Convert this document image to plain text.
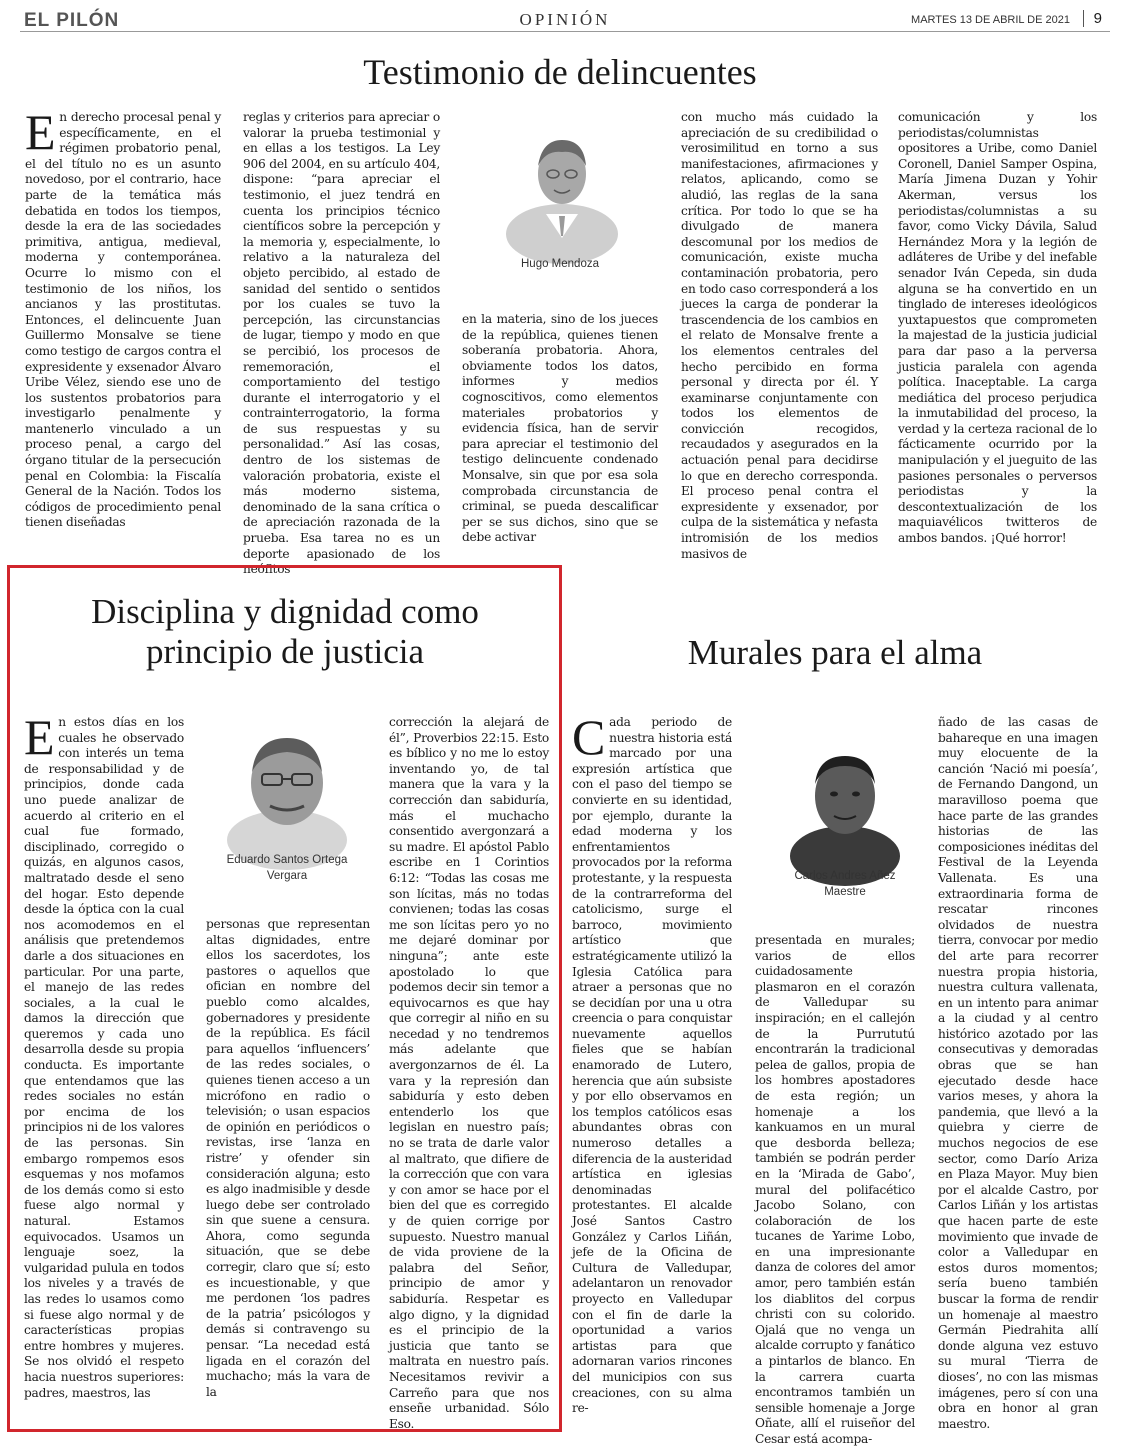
EL PILÓN	OPINIÓN	MARTES 13 DE ABRIL DE 2021	9
Testimonio de delincuentes
E n derecho procesal penal y específicamente, en el régimen probatorio penal, el del título no es un asunto novedoso, por el contrario, hace parte de la temática más debatida en todos los tiempos, desde la era de las sociedades primitiva, antigua, medieval, moderna y contemporánea. Ocurre lo mismo con el testimonio de los niños, los ancianos y las prostitutas. Entonces, el delincuente Juan Guillermo Monsalve se tiene como testigo de cargos contra el expresidente y exsenador Álvaro Uribe Vélez, siendo ese uno de los sustentos probatorios para investigarlo penalmente y mantenerlo vinculado a un proceso penal, a cargo del órgano titular de la persecución penal en Colombia: la Fiscalía General de la Nación. Todos los códigos de procedimiento penal tienen diseñadas
reglas y criterios para apreciar o valorar la prueba testimonial y en ellas a los testigos. La Ley 906 del 2004, en su artículo 404, dispone: “para apreciar el testimonio, el juez tendrá en cuenta los principios técnico científicos sobre la percepción y la memoria y, especialmente, lo relativo a la naturaleza del objeto percibido, al estado de sanidad del sentido o sentidos por los cuales se tuvo la percepción, las circunstancias de lugar, tiempo y modo en que se percibió, los procesos de rememoración, el comportamiento del testigo durante el interrogatorio y el contrainterrogatorio, la forma de sus respuestas y su personalidad.” Así las cosas, dentro de los sistemas de valoración probatoria, existe el más moderno sistema, denominado de la sana crítica o de apreciación razonada de la prueba. Esa tarea no es un deporte apasionado de los neófitos
Hugo Mendoza
en la materia, sino de los jueces de la república, quienes tienen soberanía probatoria. Ahora, obviamente todos los datos, informes y medios cognoscitivos, como elementos materiales probatorios y evidencia física, han de servir para apreciar el testimonio del testigo delincuente condenado Monsalve, sin que por esa sola comprobada circunstancia de criminal, se pueda descalificar per se sus dichos, sino que se debe activar
con mucho más cuidado la apreciación de su credibilidad o verosimilitud en torno a sus manifestaciones, afirmaciones y relatos, aplicando, como se aludió, las reglas de la sana crítica. Por todo lo que se ha divulgado de manera descomunal por los medios de comunicación, existe mucha contaminación probatoria, pero en todo caso corresponderá a los jueces la carga de ponderar la trascendencia de los cambios en el relato de Monsalve frente a los elementos centrales del hecho percibido en forma personal y directa por él. Y examinarse conjuntamente con todos los elementos de convicción recogidos, recaudados y asegurados en la actuación penal para decidirse lo que en derecho corresponda. El proceso penal contra el expresidente y exsenador, por culpa de la sistemática y nefasta intromisión de los medios masivos de
comunicación y los periodistas/columnistas opositores a Uribe, como Daniel Coronell, Daniel Samper Ospina, María Jimena Duzan y Yohir Akerman, versus los periodistas/columnistas a su favor, como Vicky Dávila, Salud Hernández Mora y la legión de adláteres de Uribe y del inefable senador Iván Cepeda, sin duda alguna se ha convertido en un tinglado de intereses ideológicos yuxtapuestos que comprometen la majestad de la justicia judicial para dar paso a la perversa justicia paralela con agenda política. Inaceptable. La carga mediática del proceso perjudica la inmutabilidad del proceso, la verdad y la certeza racional de lo fácticamente ocurrido por la manipulación y el jueguito de las pasiones personales o perversos periodistas y la descontextualización de los maquiavélicos twitteros de ambos bandos. ¡Qué horror!
Disciplina y dignidad como
principio de justicia
E n estos días en los cuales he observado con interés un tema de responsabilidad y de principios, donde cada uno puede analizar de acuerdo al criterio en el cual fue formado, disciplinado, corregido o quizás, en algunos casos, maltratado desde el seno del hogar. Esto depende desde la óptica con la cual nos acomodemos en el análisis que pretendemos darle a dos situaciones en particular. Por una parte, el manejo de las redes sociales, a la cual le damos la dirección que queremos y cada uno desarrolla desde su propia conducta. Es importante que entendamos que las redes sociales no están por encima de los principios ni de los valores de las personas. Sin embargo rompemos esos esquemas y nos mofamos de los demás como si esto fuese algo normal y natural. Estamos equivocados. Usamos un lenguaje soez, la vulgaridad pulula en todos los niveles y a través de las redes lo usamos como si fuese algo normal y de características propias entre hombres y mujeres. Se nos olvidó el respeto hacia nuestros superiores: padres, maestros, las
Eduardo Santos Ortega
Vergara
personas que representan altas dignidades, entre ellos los sacerdotes, los pastores o aquellos que ofician en nombre del pueblo como alcaldes, gobernadores y presidente de la república. Es fácil para aquellos ‘influencers’ de las redes sociales, o quienes tienen acceso a un micrófono en radio o televisión; o usan espacios de opinión en periódicos o revistas, irse ‘lanza en ristre’ y ofender sin consideración alguna; esto es algo inadmisible y desde luego debe ser controlado sin que suene a censura. Ahora, como segunda situación, que se debe corregir, claro que sí; esto es incuestionable, y que me perdonen ‘los padres de la patria’ psicólogos y demás si contravengo su pensar. “La necedad está ligada en el corazón del muchacho; más la vara de la
corrección la alejará de él”, Proverbios 22:15. Esto es bíblico y no me lo estoy inventando yo, de tal manera que la vara y la corrección dan sabiduría, más el muchacho consentido avergonzará a su madre. El apóstol Pablo escribe en 1 Corintios 6:12: “Todas las cosas me son lícitas, más no todas convienen; todas las cosas me son lícitas pero yo no me dejaré dominar por ninguna”; ante este apostolado lo que podemos decir sin temor a equivocarnos es que hay que corregir al niño en su necedad y no tendremos más adelante que avergonzarnos de él. La vara y la represión dan sabiduría y esto deben entenderlo los que legislan en nuestro país; no se trata de darle valor al maltrato, que difiere de la corrección que con vara y con amor se hace por el bien del que es corregido y de quien corrige por supuesto. Nuestro manual de vida proviene de la palabra del Señor, principio de amor y sabiduría. Respetar es algo digno, y la dignidad es el principio de la justicia que tanto se maltrata en nuestro país. Necesitamos revivir a Carreño para que nos enseñe urbanidad. Sólo Eso.
Murales para el alma
C ada periodo de nuestra historia está marcado por una expresión artística que con el paso del tiempo se convierte en su identidad, por ejemplo, durante la edad moderna y los enfrentamientos provocados por la reforma protestante, y la respuesta de la contrarreforma del catolicismo, surge el barroco, movimiento artístico que estratégicamente utilizó la Iglesia Católica para atraer a personas que no se decidían por una u otra creencia o para conquistar nuevamente aquellos fieles que se habían enamorado de Lutero, herencia que aún subsiste y por ello observamos en los templos católicos esas abundantes obras con numeroso detalles a diferencia de la austeridad artística en iglesias denominadas protestantes. El alcalde José Santos Castro González y Carlos Liñán, jefe de la Oficina de Cultura de Valledupar, adelantaron un renovador proyecto en Valledupar con el fin de darle la oportunidad a varios artistas para que adornaran varios rincones del municipios con sus creaciones, con su alma re-
Carlos Andres Añez
Maestre
presentada en murales; varios de ellos cuidadosamente plasmaron en el corazón de Valledupar su inspiración; en el callejón de la Purrututú encontrarán la tradicional pelea de gallos, propia de los hombres apostadores de esta región; un homenaje a los kankuamos en un mural que desborda belleza; también se podrán perder en la ‘Mirada de Gabo’, mural del polifacético Jacobo Solano, con colaboración de los tucanes de Yarime Lobo, en una impresionante danza de colores del amor amor, pero también están los diablitos del corpus christi con su colorido. Ojalá que no venga un alcalde corrupto y fanático a pintarlos de blanco. En la carrera cuarta encontramos también un sensible homenaje a Jorge Oñate, allí el ruiseñor del Cesar está acompa-
ñado de las casas de bahareque en una imagen muy elocuente de la canción ‘Nació mi poesía’, de Fernando Dangond, un maravilloso poema que hace parte de las grandes historias de las composiciones inéditas del Festival de la Leyenda Vallenata. Es una extraordinaria forma de rescatar rincones olvidados de nuestra tierra, convocar por medio del arte para recorrer nuestra propia historia, nuestra cultura vallenata, en un intento para animar a la ciudad y al centro histórico azotado por las consecutivas y demoradas obras que se han ejecutado desde hace varios meses, y ahora la pandemia, que llevó a la quiebra y cierre de muchos negocios de ese sector, como Darío Ariza en Plaza Mayor. Muy bien por el alcalde Castro, por Carlos Liñán y los artistas que hacen parte de este movimiento que invade de color a Valledupar en estos duros momentos; sería bueno también buscar la forma de rendir un homenaje al maestro Germán Piedrahita allí donde alguna vez estuvo su mural ‘Tierra de dioses’, no con las mismas imágenes, pero sí con una obra en honor al gran maestro.
